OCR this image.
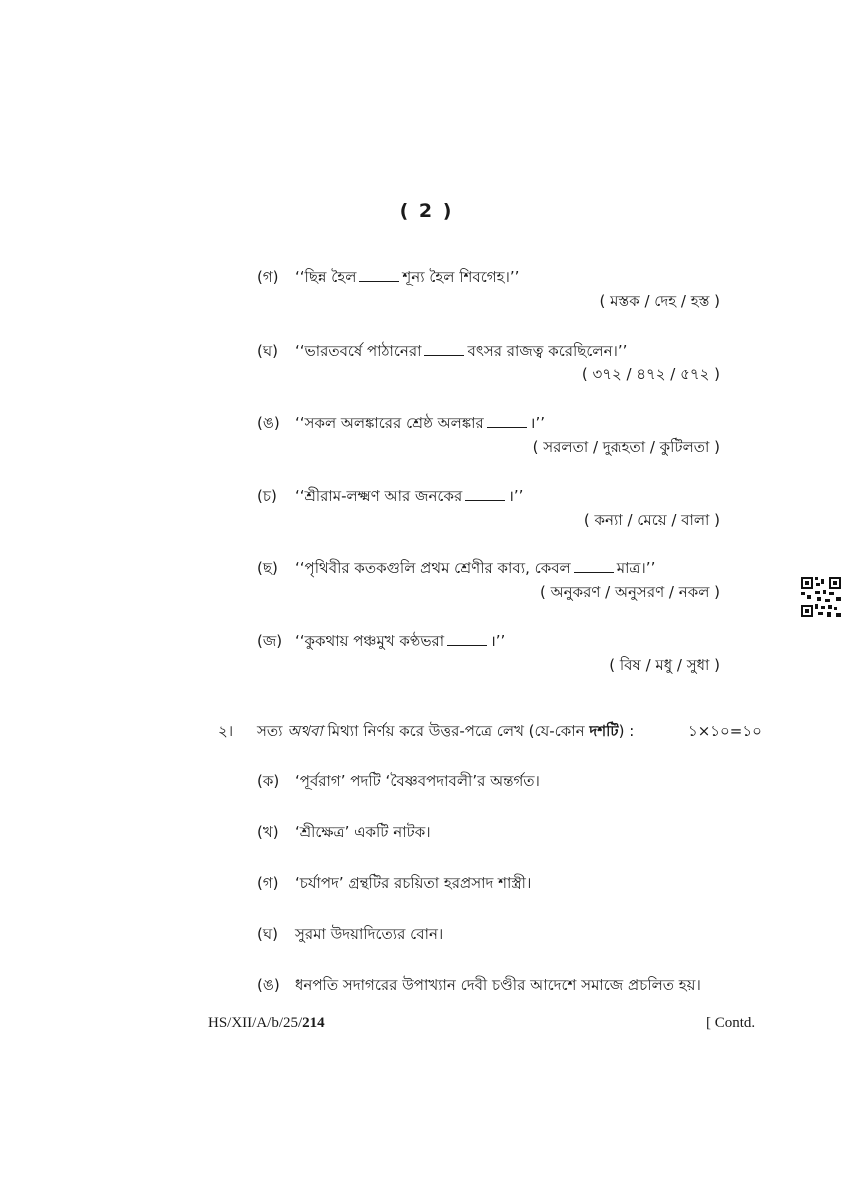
( 2 )
(গ) ‘‘ছিন্ন হৈল	শূন্য হৈল শিবগেহ।’’
( মস্তক / দেহ / হস্ত )
(ঘ) ‘‘ভারতবর্ষে পাঠানেরা	বৎসর রাজত্ব করেছিলেন।’’
( ৩৭২ / ৪৭২ / ৫৭২ )
(ঙ) ‘‘সকল অলঙ্কারের শ্রেষ্ঠ অলঙ্কার	।’’
( সরলতা / দুরূহতা / কুটিলতা )
(চ) ‘‘শ্রীরাম-লক্ষ্মণ আর জনকের	।’’
( কন্যা / মেয়ে / বালা )
(ছ) ‘‘পৃথিবীর কতকগুলি প্রথম শ্রেণীর কাব্য, কেবল	মাত্র।’’
( অনুকরণ / অনুসরণ / নকল )
(জ) ‘‘কুকথায় পঞ্চমুখ কণ্ঠভরা	।’’
( বিষ / মধু / সুধা )
২। সত্য অথবা মিথ্যা নির্ণয় করে উত্তর-পত্রে লেখ (যে-কোন দশটি) :	১×১০=১০
(ক) ‘পূর্বরাগ’ পদটি ‘বৈষ্ণবপদাবলী’র অন্তর্গত।
(খ) ‘শ্রীক্ষেত্র’ একটি নাটক।
(গ) ‘চর্যাপদ’ গ্রন্থটির রচয়িতা হরপ্রসাদ শাস্ত্রী।
(ঘ) সুরমা উদয়াদিত্যের বোন।
(ঙ) ধনপতি সদাগরের উপাখ্যান দেবী চণ্ডীর আদেশে সমাজে প্রচলিত হয়।
HS/XII/A/b/25/214	[ Contd.
